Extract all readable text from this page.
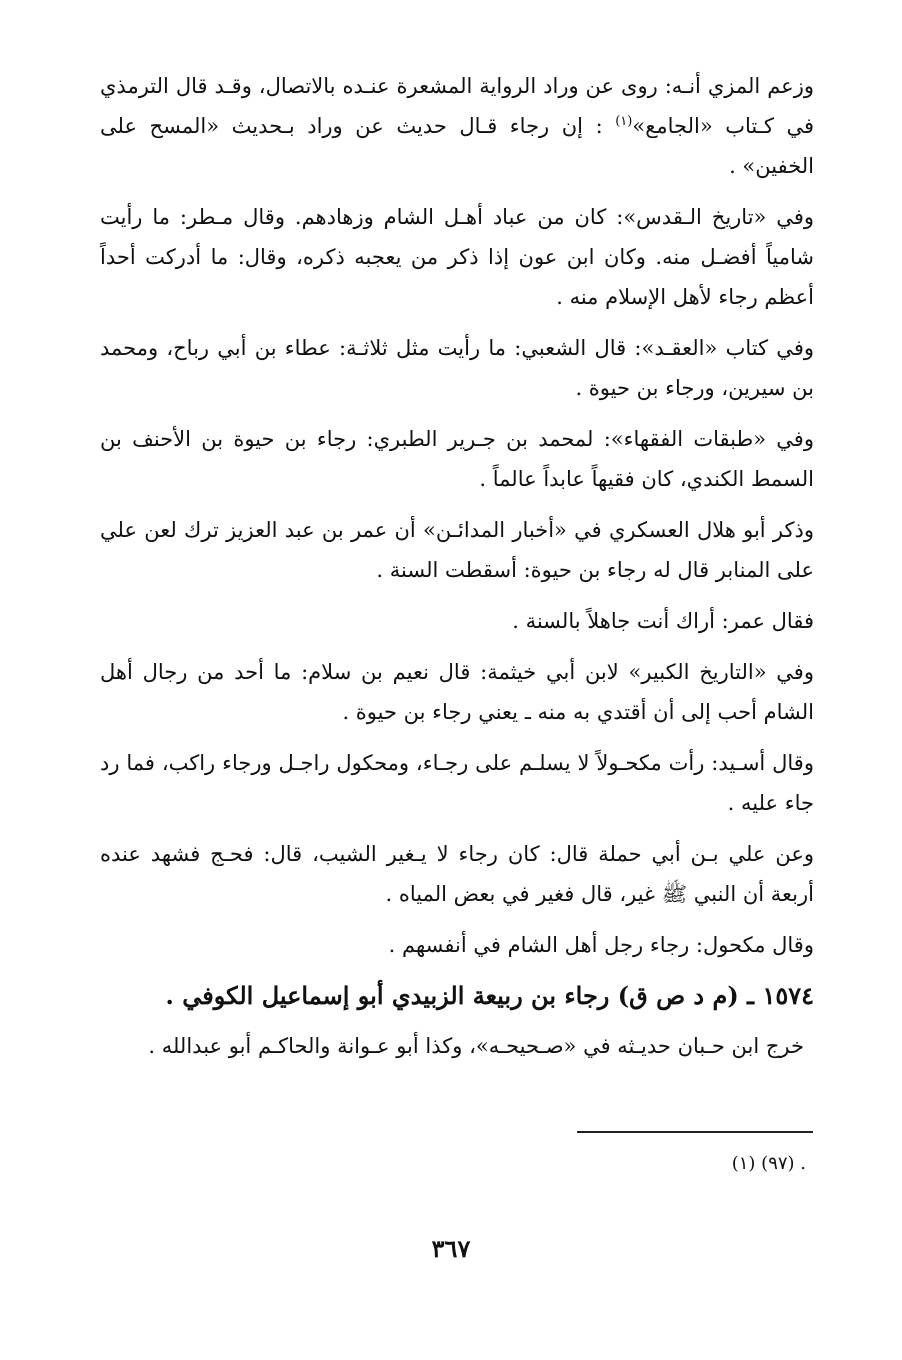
وزعم المزي أنـه: روى عن وراد الرواية المشعرة عنـده بالاتصال، وقـد قال الترمذي في كـتاب «الجامع»$^{(١)}$ : إن رجاء قـال حديث عن وراد بـحديث «المسح على الخفين» .

وفي «تاريخ الـقدس»: كان من عباد أهـل الشام وزهادهم. وقال مـطر: ما رأيت شامياً أفضـل منه. وكان ابن عون إذا ذكر من يعجبه ذكره، وقال: ما أدركت أحداً أعظم رجاء لأهل الإسلام منه .

وفي كتاب «العقـد»: قال الشعبي: ما رأيت مثل ثلاثـة: عطاء بن أبي رباح، ومحمد بن سيرين، ورجاء بن حيوة .

وفي «طبقات الفقهاء»: لمحمد بن جـرير الطبري: رجاء بن حيوة بن الأحنف بن السمط الكندي، كان فقيهاً عابداً عالماً .

وذكر أبو هلال العسكري في «أخبار المدائـن» أن عمر بن عبد العزيز ترك لعن علي على المنابر قال له رجاء بن حيوة: أسقطت السنة .

فقال عمر: أراك أنت جاهلاً بالسنة .

وفي «التاريخ الكبير» لابن أبي خيثمة: قال نعيم بن سلام: ما أحد من رجال أهل الشام أحب إلى أن أقتدي به منه ـ يعني رجاء بن حيوة .

وقال أسـيد: رأت مكحـولاً لا يسلـم على رجـاء، ومحكول راجـل ورجاء راكب، فما رد جاء عليه .

وعن علي بـن أبي حملة قال: كان رجاء لا يـغير الشيب، قال: فحـج فشهد عنده أربعة أن النبي ﷺ غير، قال فغير في بعض المياه .

وقال مكحول: رجاء رجل أهل الشام في أنفسهم .

١٥٧٤ ـ (م د ص ق) رجاء بن ربيعة الزبيدي أبو إسماعيل الكوفي .

خرج ابن حـبان حديـثه في «صـحيحـه»، وكذا أبو عـوانة والحاكـم أبو عبدالله .

. (٩٧) (١)
٣٦٧
